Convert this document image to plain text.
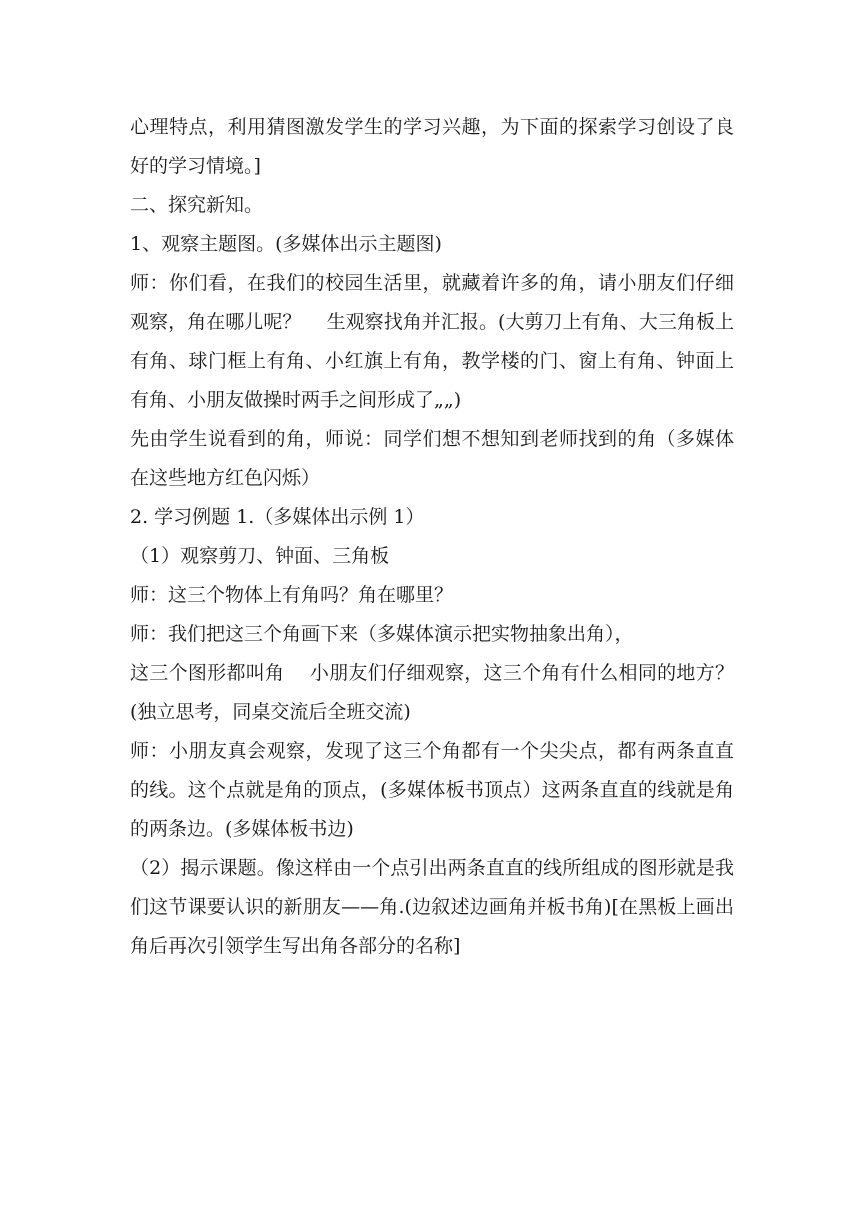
心理特点，利用猜图激发学生的学习兴趣，为下面的探索学习创设了良好的学习情境。]

二、探究新知。

1、观察主题图。(多媒体出示主题图)

师：你们看，在我们的校园生活里，就藏着许多的角，请小朋友们仔细观察，角在哪儿呢？　 生观察找角并汇报。(大剪刀上有角、大三角板上有角、球门框上有角、小红旗上有角，教学楼的门、窗上有角、钟面上有角、小朋友做操时两手之间形成了„„)

先由学生说看到的角，师说：同学们想不想知到老师找到的角（多媒体在这些地方红色闪烁）

2. 学习例题 1.（多媒体出示例 1）

（1）观察剪刀、钟面、三角板

师：这三个物体上有角吗？角在哪里？

师：我们把这三个角画下来（多媒体演示把实物抽象出角），

这三个图形都叫角　 小朋友们仔细观察，这三个角有什么相同的地方？(独立思考，同桌交流后全班交流)

师：小朋友真会观察，发现了这三个角都有一个尖尖点，都有两条直直的线。这个点就是角的顶点，(多媒体板书顶点）这两条直直的线就是角的两条边。(多媒体板书边)

（2）揭示课题。像这样由一个点引出两条直直的线所组成的图形就是我们这节课要认识的新朋友——角.(边叙述边画角并板书角)[在黑板上画出角后再次引领学生写出角各部分的名称]
